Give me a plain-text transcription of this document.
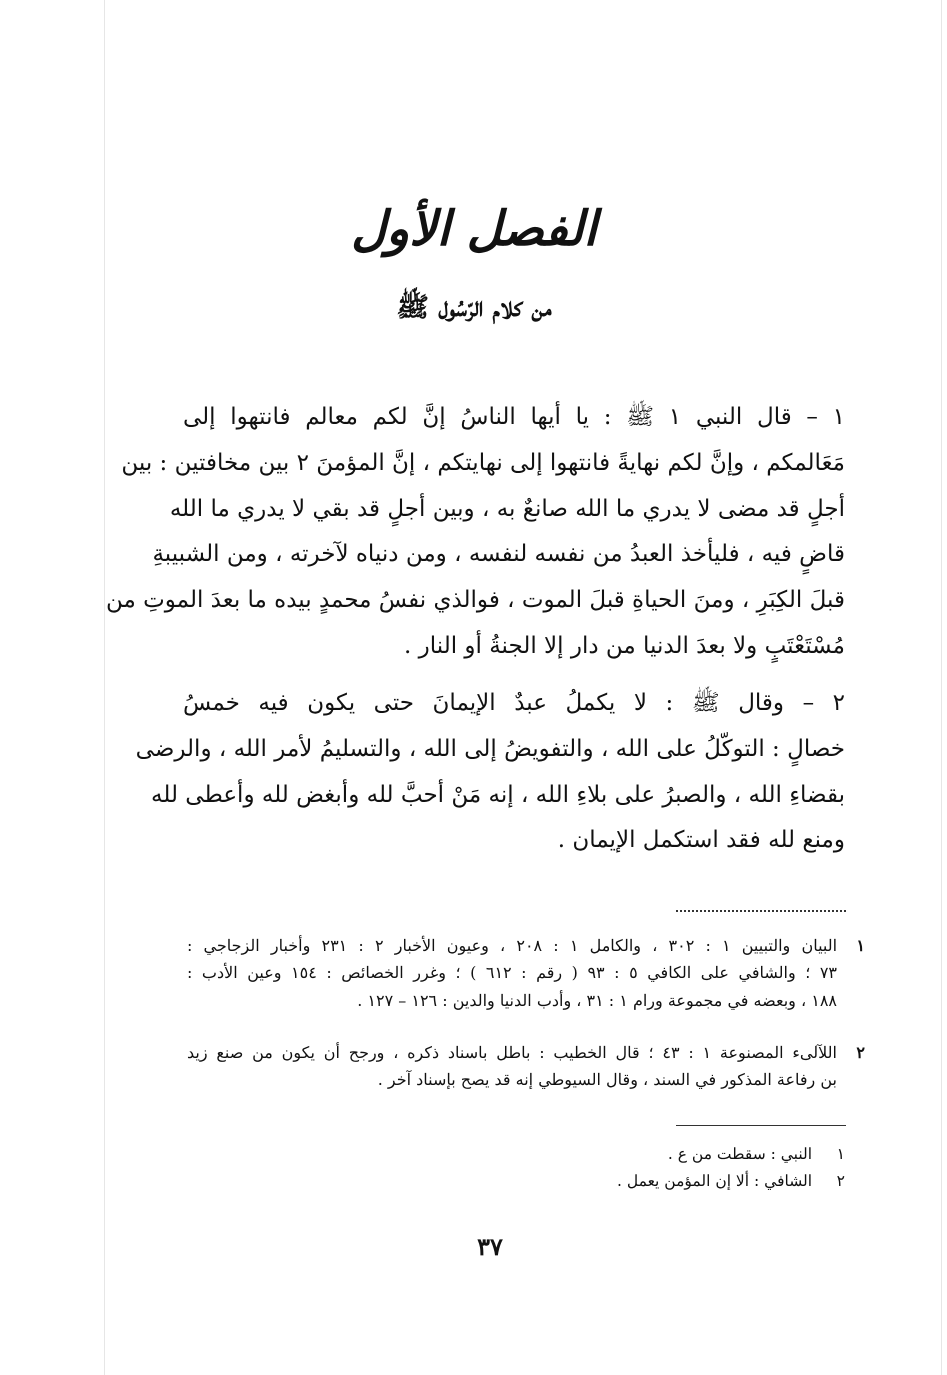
الفصل الأول
من كلام الرّسُول ﷺ
١ – قال النبي ١ ﷺ : يا أيها الناسُ إنَّ لكم معالم فانتهوا إلى
مَعَالمكم ، وإنَّ لكم نهايةً فانتهوا إلى نهايتكم ، إنَّ المؤمنَ ٢ بين مخافتين : بين
أجلٍ قد مضى لا يدري ما الله صانعٌ به ، وبين أجلٍ قد بقي لا يدري ما الله
قاضٍ فيه ، فليأخذ العبدُ من نفسه لنفسه ، ومن دنياه لآخرته ، ومن الشبيبةِ
قبلَ الكِبَرِ ، ومنَ الحياةِ قبلَ الموت ، فوالذي نفسُ محمدٍ بيده ما بعدَ الموتِ من
مُسْتَعْتَبٍ ولا بعدَ الدنيا من دار إلا الجنةُ أو النار .
٢ – وقال ﷺ : لا يكملُ عبدٌ الإيمانَ حتى يكون فيه خمسُ
خصالٍ : التوكّلُ على الله ، والتفويضُ إلى الله ، والتسليمُ لأمر الله ، والرضى
بقضاءِ الله ، والصبرُ على بلاءِ الله ، إنه مَنْ أحبَّ لله وأبغض لله وأعطى لله
ومنع لله فقد استكمل الإيمان .
١
البيان والتبيين ١ : ٣٠٢ ، والكامل ١ : ٢٠٨ ، وعيون الأخبار ٢ : ٢٣١ وأخبار الزجاجي :
٧٣ ؛ والشافي على الكافي ٥ : ٩٣ ( رقم : ٦١٢ ) ؛ وغرر الخصائص : ١٥٤ وعين الأدب :
١٨٨ ، وبعضه في مجموعة ورام ١ : ٣١ ، وأدب الدنيا والدين : ١٢٦ – ١٢٧ .
٢
اللآلىء المصنوعة ١ : ٤٣ ؛ قال الخطيب : باطل باسناد ذكره ، ورجح أن يكون من صنع زيد
بن رفاعة المذكور في السند ، وقال السيوطي إنه قد يصح بإسناد آخر .
١ النبي : سقطت من ع .
٢ الشافي : ألا إن المؤمن يعمل .
٣٧
